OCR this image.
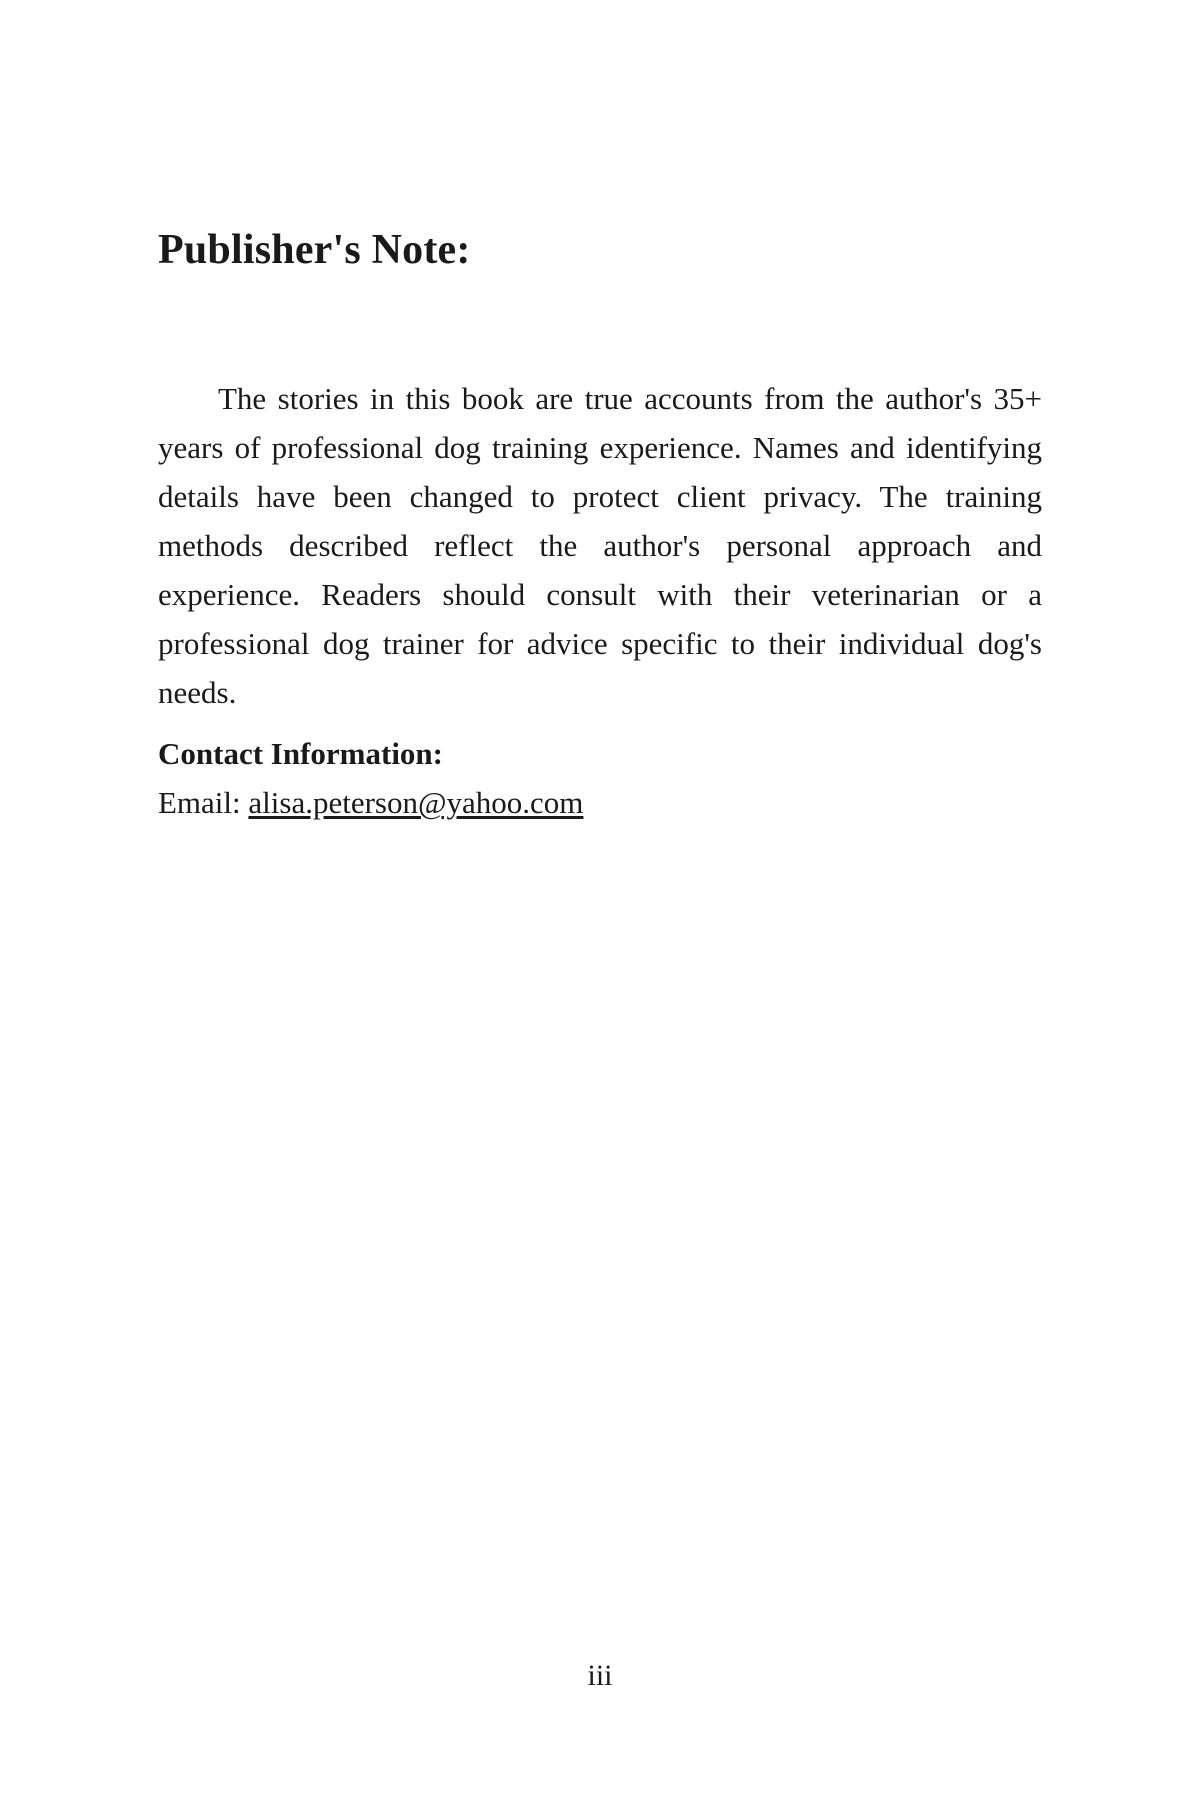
Publisher's Note:

The stories in this book are true accounts from the author's 35+ years of professional dog training experience. Names and identifying details have been changed to protect client privacy. The training methods described reflect the author's personal approach and experience. Readers should consult with their veterinarian or a professional dog trainer for advice specific to their individual dog's needs.

Contact Information:

Email: alisa.peterson@yahoo.com

iii
